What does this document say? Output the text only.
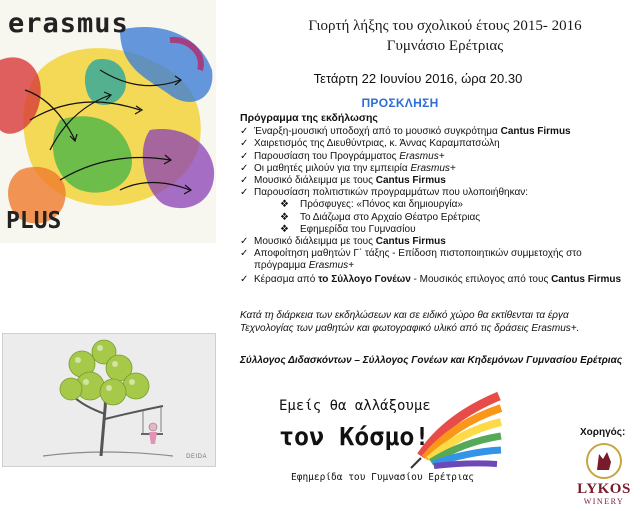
erasmus
PLUS
Γιορτή λήξης του σχολικού έτους 2015- 2016
Γυμνάσιο Ερέτριας
Τετάρτη 22 Ιουνίου 2016, ώρα 20.30
ΠΡΟΣΚΛΗΣΗ
Πρόγραμμα της εκδήλωσης
✓ Έναρξη-μουσική υποδοχή από το μουσικό συγκρότημα Cantus Firmus
✓ Χαιρετισμός της Διευθύντριας, κ. Άννας Καραμπατσώλη
✓ Παρουσίαση του Προγράμματος Erasmus+
✓ Οι μαθητές μιλούν για την εμπειρία Erasmus+
✓ Μουσικό διάλειμμα με τους Cantus Firmus
✓ Παρουσίαση πολιτιστικών προγραμμάτων που υλοποιήθηκαν:
❖	Πρόσφυγες: «Πόνος και δημιουργία»
❖	Το Διάζωμα στο Αρχαίο Θέατρο Ερέτριας
❖	Εφημερίδα του Γυμνασίου
✓ Μουσικό διάλειμμα με τους Cantus Firmus
✓ Αποφοίτηση μαθητών Γ΄ τάξης - Επίδοση πιστοποιητικών συμμετοχής στο πρόγραμμα Erasmus+
✓ Κέρασμα από το Σύλλογο Γονέων - Μουσικός επιλογος από τους Cantus Firmus
Κατά τη διάρκεια των εκδηλώσεων και σε ειδικό χώρο θα εκτίθενται τα έργα Τεχνολογίας των μαθητών και φωτογραφικό υλικό από τις δράσεις Erasmus+.
Σύλλογος Διδασκόντων – Σύλλογος Γονέων και Κηδεμόνων Γυμνασίου Ερέτριας
DEIDA
Εμείς θα αλλάξουμε
τον Κόσμο!
Εφημερίδα του Γυμνασίου Ερέτριας
Χορηγός:
LYKOS
WINERY
